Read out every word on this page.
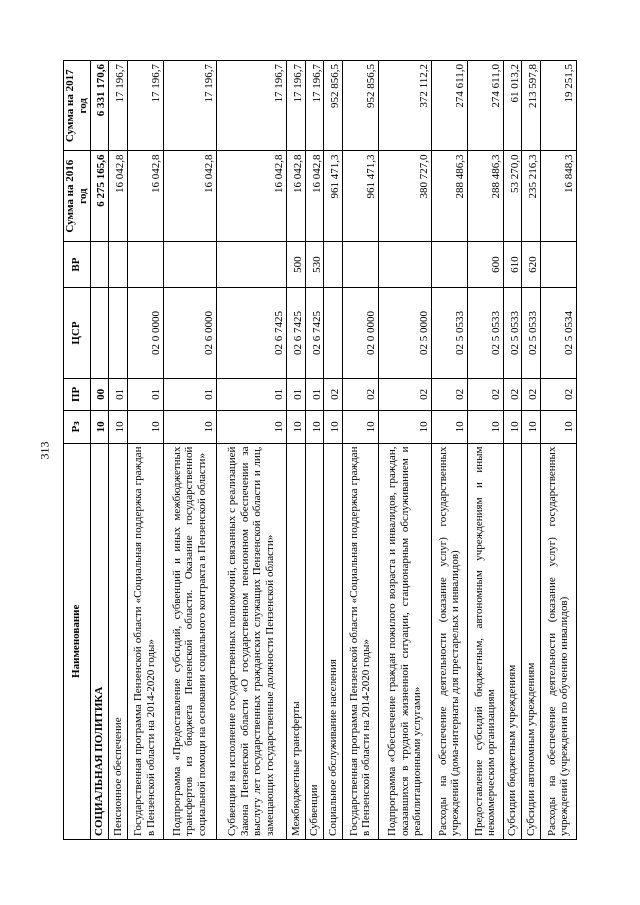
313
Наименование	Рз	ПР	ЦСР	ВР	Сумма на 2016 год	Сумма на 2017 год
СОЦИАЛЬНАЯ ПОЛИТИКА	10	00			6 275 165,6	6 331 170,6
Пенсионное обеспечение	10	01			16 042,8	17 196,7
Государственная программа Пензенской области «Социальная поддержка граждан в Пензенской области на 2014-2020 годы»	10	01	02 0 0000		16 042,8	17 196,7
Подпрограмма «Предоставление субсидий, субвенций и иных межбюджетных трансфертов из бюджета Пензенской области. Оказание государственной социальной помощи на основании социального контракта в Пензенской области»	10	01	02 6 0000		16 042,8	17 196,7
Субвенции на исполнение государственных полномочий, связанных с реализацией Закона Пензенской области «О государственном пенсионном обеспечении за выслугу лет государственных гражданских служащих Пензенской области и лиц, замещающих государственные должности Пензенской области»	10	01	02 6 7425		16 042,8	17 196,7
Межбюджетные трансферты	10	01	02 6 7425	500	16 042,8	17 196,7
Субвенции	10	01	02 6 7425	530	16 042,8	17 196,7
Социальное обслуживание населения	10	02			961 471,3	952 856,5
Государственная программа Пензенской области «Социальная поддержка граждан в Пензенской области на 2014-2020 годы»	10	02	02 0 0000		961 471,3	952 856,5
Подпрограмма «Обеспечение граждан пожилого возраста и инвалидов, граждан, оказавшихся в трудной жизненной ситуации, стационарным обслуживанием и реабилитационными услугами»	10	02	02 5 0000		380 727,0	372 112,2
Расходы на обеспечение деятельности (оказание услуг) государственных учреждений (дома-интернаты для престарелых и инвалидов)	10	02	02 5 0533		288 486,3	274 611,0
Предоставление субсидий бюджетным, автономным учреждениям и иным некоммерческим организациям	10	02	02 5 0533	600	288 486,3	274 611,0
Субсидии бюджетным учреждениям	10	02	02 5 0533	610	53 270,0	61 013,2
Субсидии автономным учреждениям	10	02	02 5 0533	620	235 216,3	213 597,8
Расходы на обеспечение деятельности (оказание услуг) государственных учреждений (учреждения по обучению инвалидов)	10	02	02 5 0534		16 848,3	19 251,5
